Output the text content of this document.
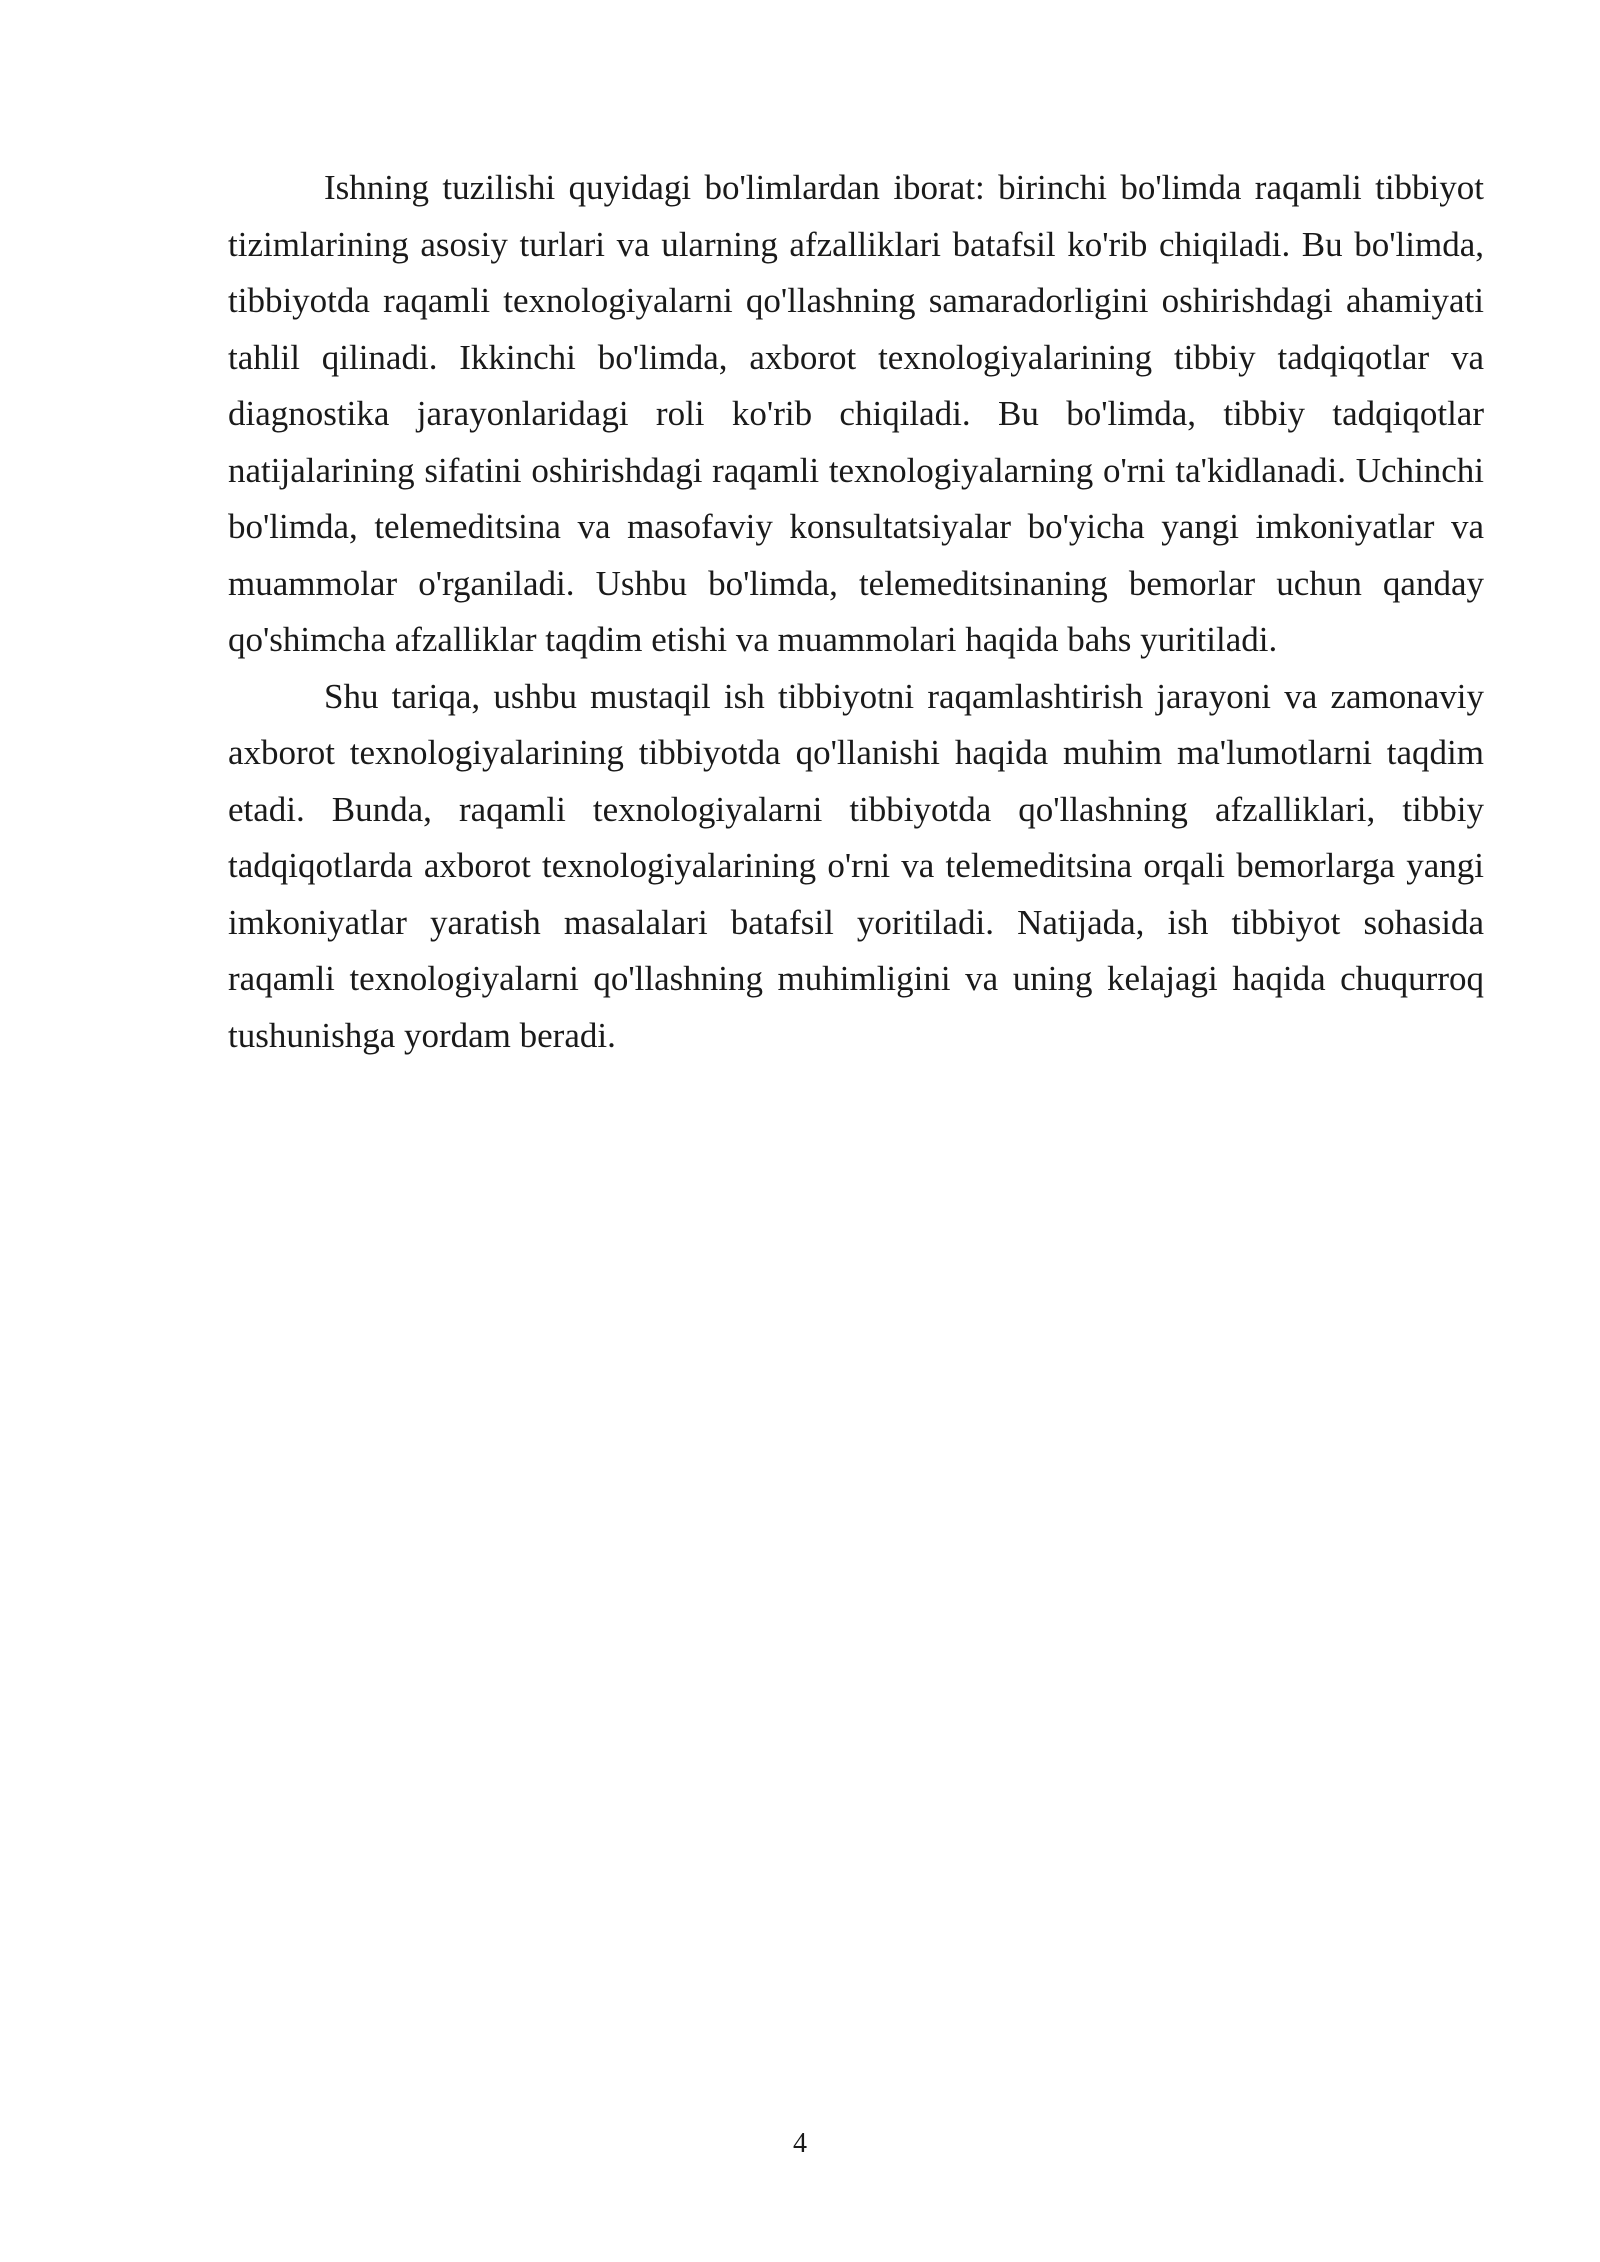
Ishning tuzilishi quyidagi bo'limlardan iborat: birinchi bo'limda raqamli tibbiyot tizimlarining asosiy turlari va ularning afzalliklari batafsil ko'rib chiqiladi. Bu bo'limda, tibbiyotda raqamli texnologiyalarni qo'llashning samaradorligini oshirishdagi ahamiyati tahlil qilinadi. Ikkinchi bo'limda, axborot texnologiyalarining tibbiy tadqiqotlar va diagnostika jarayonlaridagi roli ko'rib chiqiladi. Bu bo'limda, tibbiy tadqiqotlar natijalarining sifatini oshirishdagi raqamli texnologiyalarning o'rni ta'kidlanadi. Uchinchi bo'limda, telemeditsina va masofaviy konsultatsiyalar bo'yicha yangi imkoniyatlar va muammolar o'rganiladi. Ushbu bo'limda, telemeditsinaning bemorlar uchun qanday qo'shimcha afzalliklar taqdim etishi va muammolari haqida bahs yuritiladi.

Shu tariqa, ushbu mustaqil ish tibbiyotni raqamlashtirish jarayoni va zamonaviy axborot texnologiyalarining tibbiyotda qo'llanishi haqida muhim ma'lumotlarni taqdim etadi. Bunda, raqamli texnologiyalarni tibbiyotda qo'llashning afzalliklari, tibbiy tadqiqotlarda axborot texnologiyalarining o'rni va telemeditsina orqali bemorlarga yangi imkoniyatlar yaratish masalalari batafsil yoritiladi. Natijada, ish tibbiyot sohasida raqamli texnologiyalarni qo'llashning muhimligini va uning kelajagi haqida chuqurroq tushunishga yordam beradi.

4
